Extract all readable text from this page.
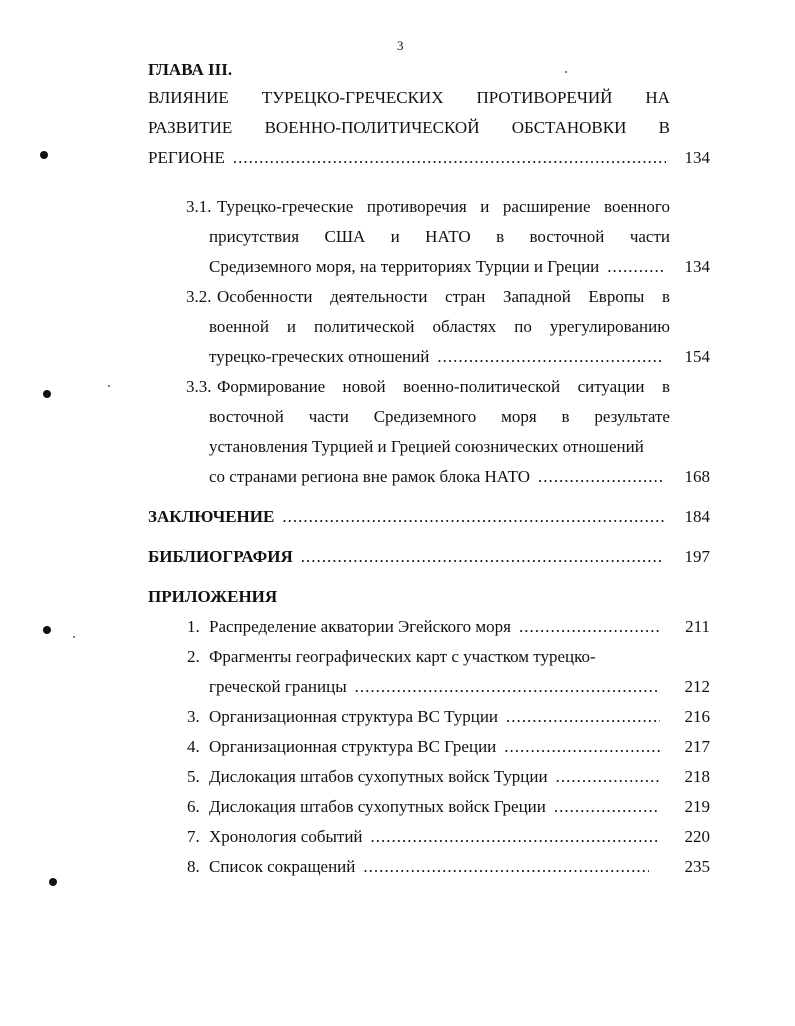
3
ГЛАВА III.
ВЛИЯНИЕ ТУРЕЦКО-ГРЕЧЕСКИХ ПРОТИВОРЕЧИЙ НА
РАЗВИТИЕ ВОЕННО-ПОЛИТИЧЕСКОЙ ОБСТАНОВКИ В
РЕГИОНЕ .....	134
3.1. Турецко-греческие противоречия и расширение военного
присутствия США и НАТО в восточной части
Средиземного моря, на территориях Турции и Греции .....	134
3.2. Особенности деятельности стран Западной Европы в
военной и политической областях по урегулированию
турецко-греческих отношений .....	154
3.3. Формирование новой военно-политической ситуации в
восточной части Средиземного моря в результате
установления Турцией и Грецией союзнических отношений
со странами региона вне рамок блока НАТО .....	168
ЗАКЛЮЧЕНИЕ .....	184
БИБЛИОГРАФИЯ .....	197
ПРИЛОЖЕНИЯ
1. Распределение акватории Эгейского моря .....	211
2. Фрагменты географических карт с участком турецко-
греческой границы .....	212
3. Организационная структура ВС Турции .....	216
4. Организационная структура ВС Греции .....	217
5. Дислокация штабов сухопутных войск Турции .....	218
6. Дислокация штабов сухопутных войск Греции .....	219
7. Хронология событий .....	220
8. Список сокращений .....	235
